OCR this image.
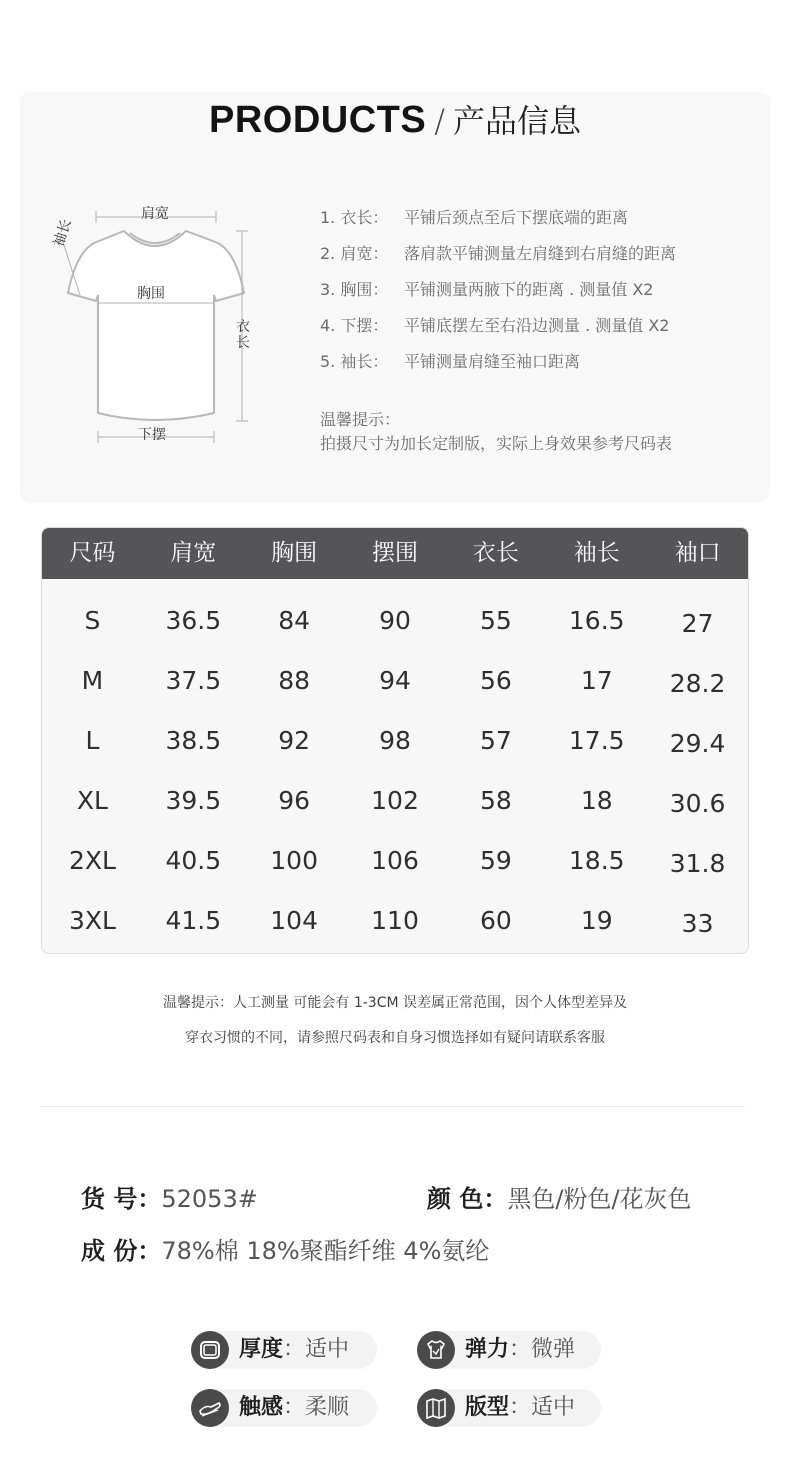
PRODUCTS / 产品信息
肩宽
胸围
衣长
下摆
袖长	1. 衣长： 平铺后颈点至后下摆底端的距离
2. 肩宽： 落肩款平铺测量左肩缝到右肩缝的距离
3. 胸围： 平铺测量两腋下的距离 . 测量值 X2
4. 下摆： 平铺底摆左至右沿边测量 . 测量值 X2
5. 袖长： 平铺测量肩缝至袖口距离
温馨提示：
拍摄尺寸为加长定制版，实际上身效果参考尺码表
尺码	肩宽	胸围	摆围	衣长	袖长	袖口
S	36.5	84	90	55	16.5	27
M	37.5	88	94	56	17	28.2
L	38.5	92	98	57	17.5	29.4
XL	39.5	96	102	58	18	30.6
2XL	40.5	100	106	59	18.5	31.8
3XL	41.5	104	110	60	19	33
温馨提示：人工测量 可能会有 1-3CM 误差属正常范围，因个人体型差异及
穿衣习惯的不同，请参照尺码表和自身习惯选择如有疑问请联系客服
货 号：52053#	颜 色：黑色/粉色/花灰色
成 份：78%棉 18%聚酯纤维 4%氨纶
厚度：适中	弹力：微弹
触感：柔顺	版型：适中
